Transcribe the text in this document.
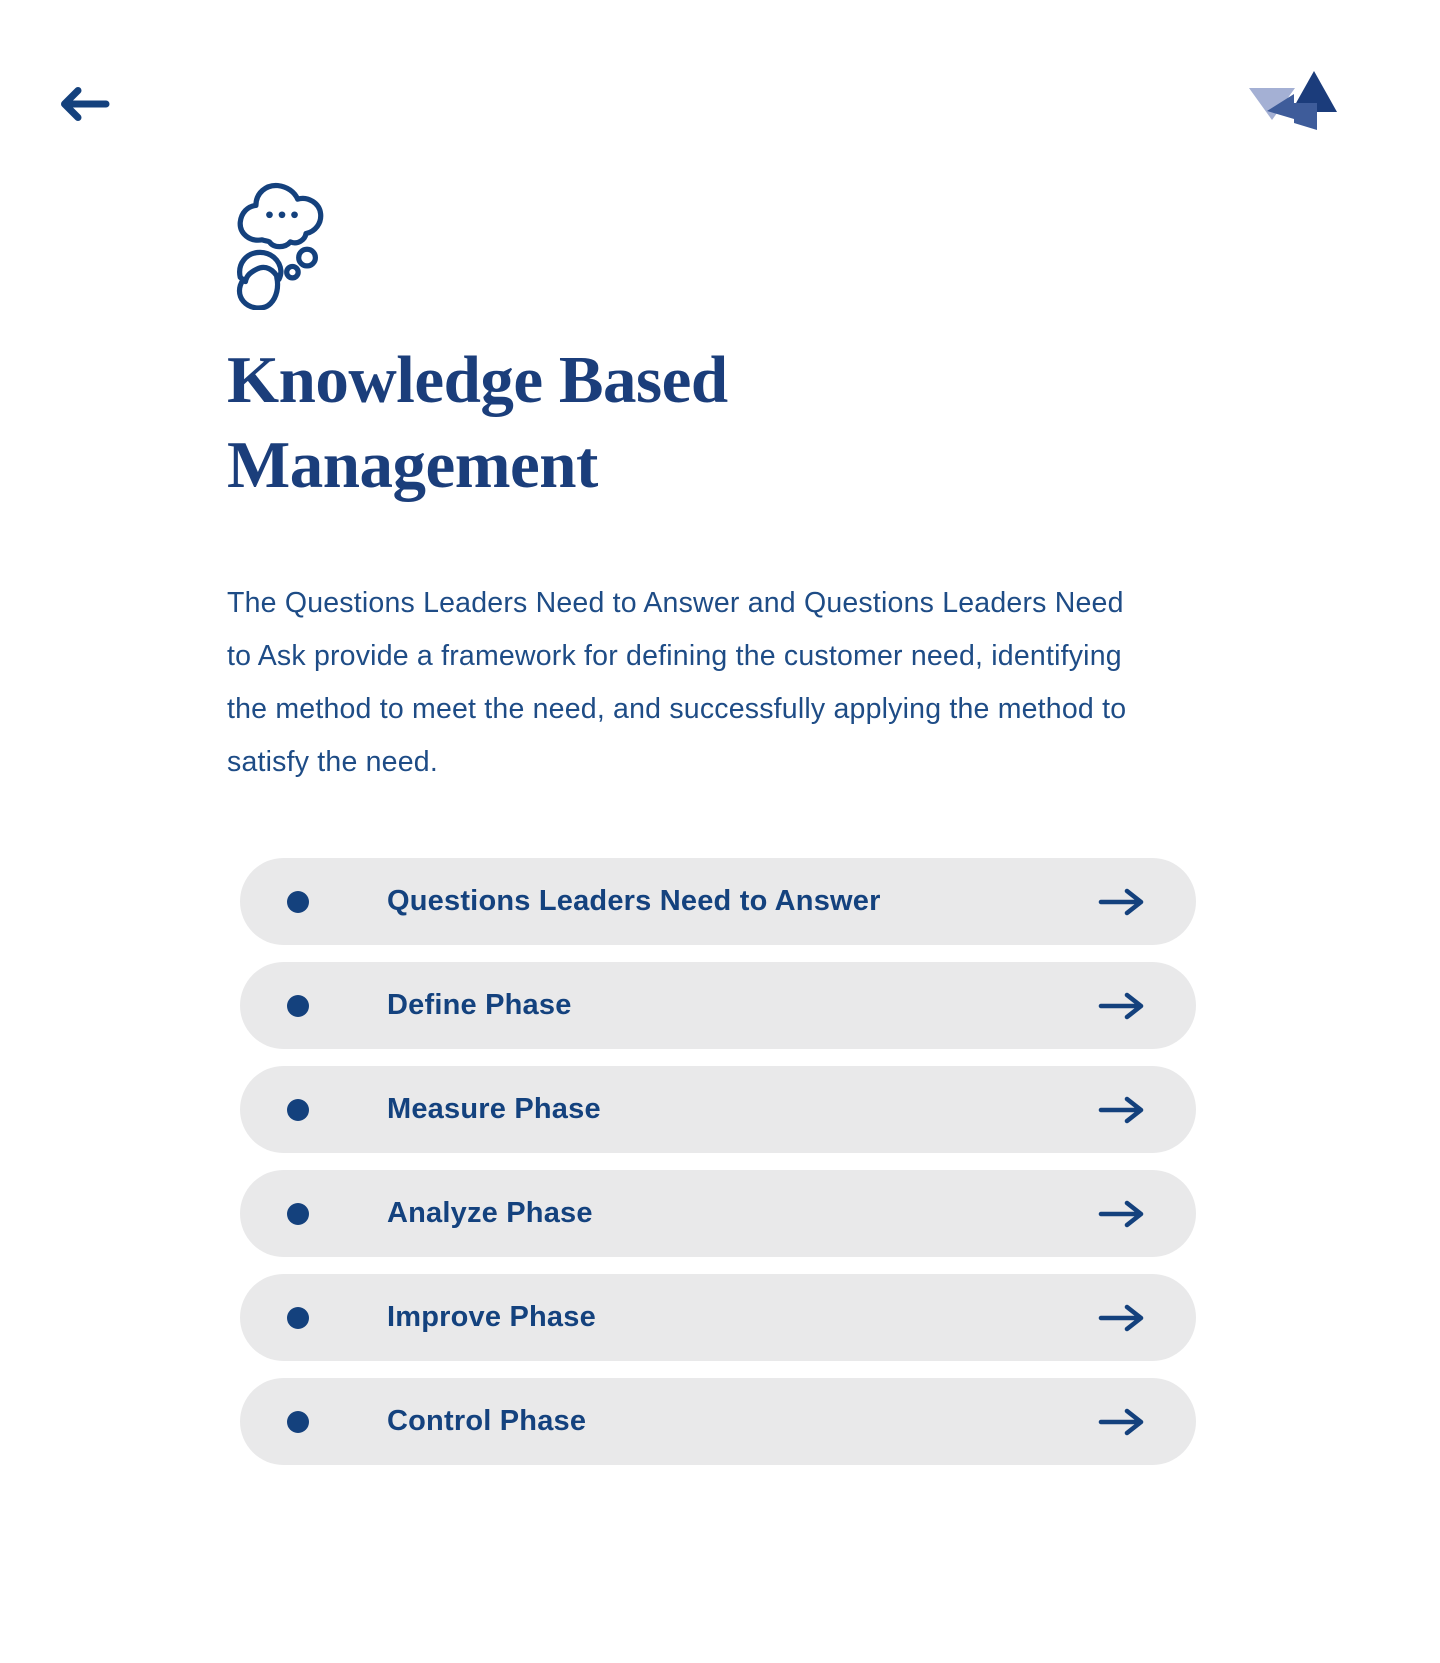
Knowledge Based Management

The Questions Leaders Need to Answer and Questions Leaders Need to Ask provide a framework for defining the customer need, identifying the method to meet the need, and successfully applying the method to satisfy the need.

Questions Leaders Need to Answer
Define Phase
Measure Phase
Analyze Phase
Improve Phase
Control Phase
